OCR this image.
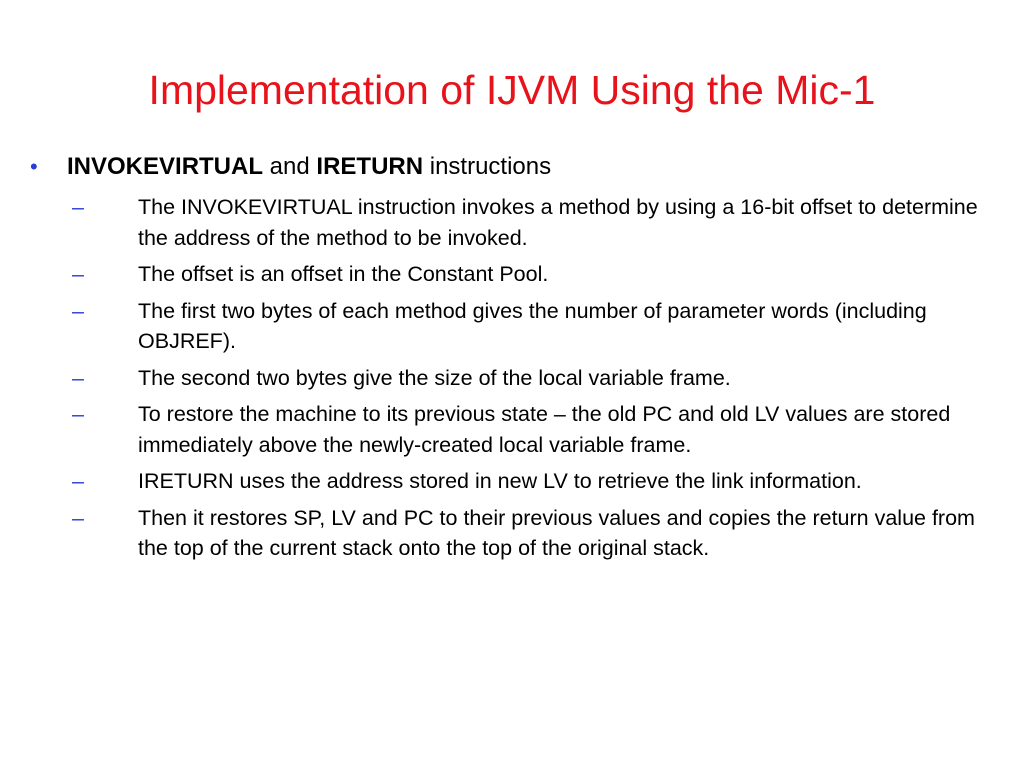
Implementation of IJVM Using the Mic-1
•	INVOKEVIRTUAL and IRETURN instructions
–	The INVOKEVIRTUAL instruction invokes a method by using a 16-bit offset to determine the address of the method to be invoked.
–	The offset is an offset in the Constant Pool.
–	The first two bytes of each method gives the number of parameter words (including OBJREF).
–	The second two bytes give the size of the local variable frame.
–	To restore the machine to its previous state – the old PC and old LV values are stored immediately above the newly-created local variable frame.
–	IRETURN uses the address stored in new LV to retrieve the link information.
–	Then it restores SP, LV and PC to their previous values and copies the return value from the top of the current stack onto the top of the original stack.
